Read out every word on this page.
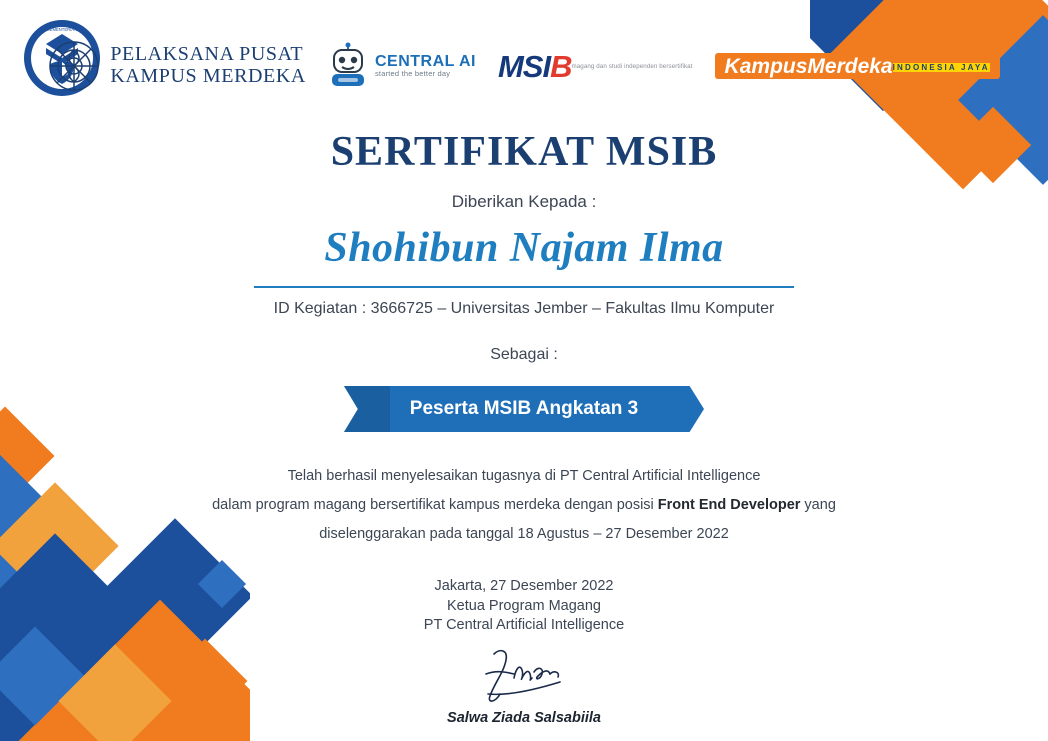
KEMENTERIAN
PENDIDIKAN
PELAKSANA PUSAT
KAMPUS MERDEKA
CENTRAL AI
started the better day	MSIB magang dan studi independen bersertifikat Kampus Merdeka INDONESIA JAYA
SERTIFIKAT MSIB
Diberikan Kepada :
Shohibun Najam Ilma
ID Kegiatan : 3666725 – Universitas Jember – Fakultas Ilmu Komputer
Sebagai :
Peserta MSIB Angkatan 3
Telah berhasil menyelesaikan tugasnya di PT Central Artificial Intelligence
dalam program magang bersertifikat kampus merdeka dengan posisi Front End Developer yang
diselenggarakan pada tanggal 18 Agustus – 27 Desember 2022
Jakarta, 27 Desember 2022
Ketua Program Magang
PT Central Artificial Intelligence
Salwa Ziada Salsabiila
